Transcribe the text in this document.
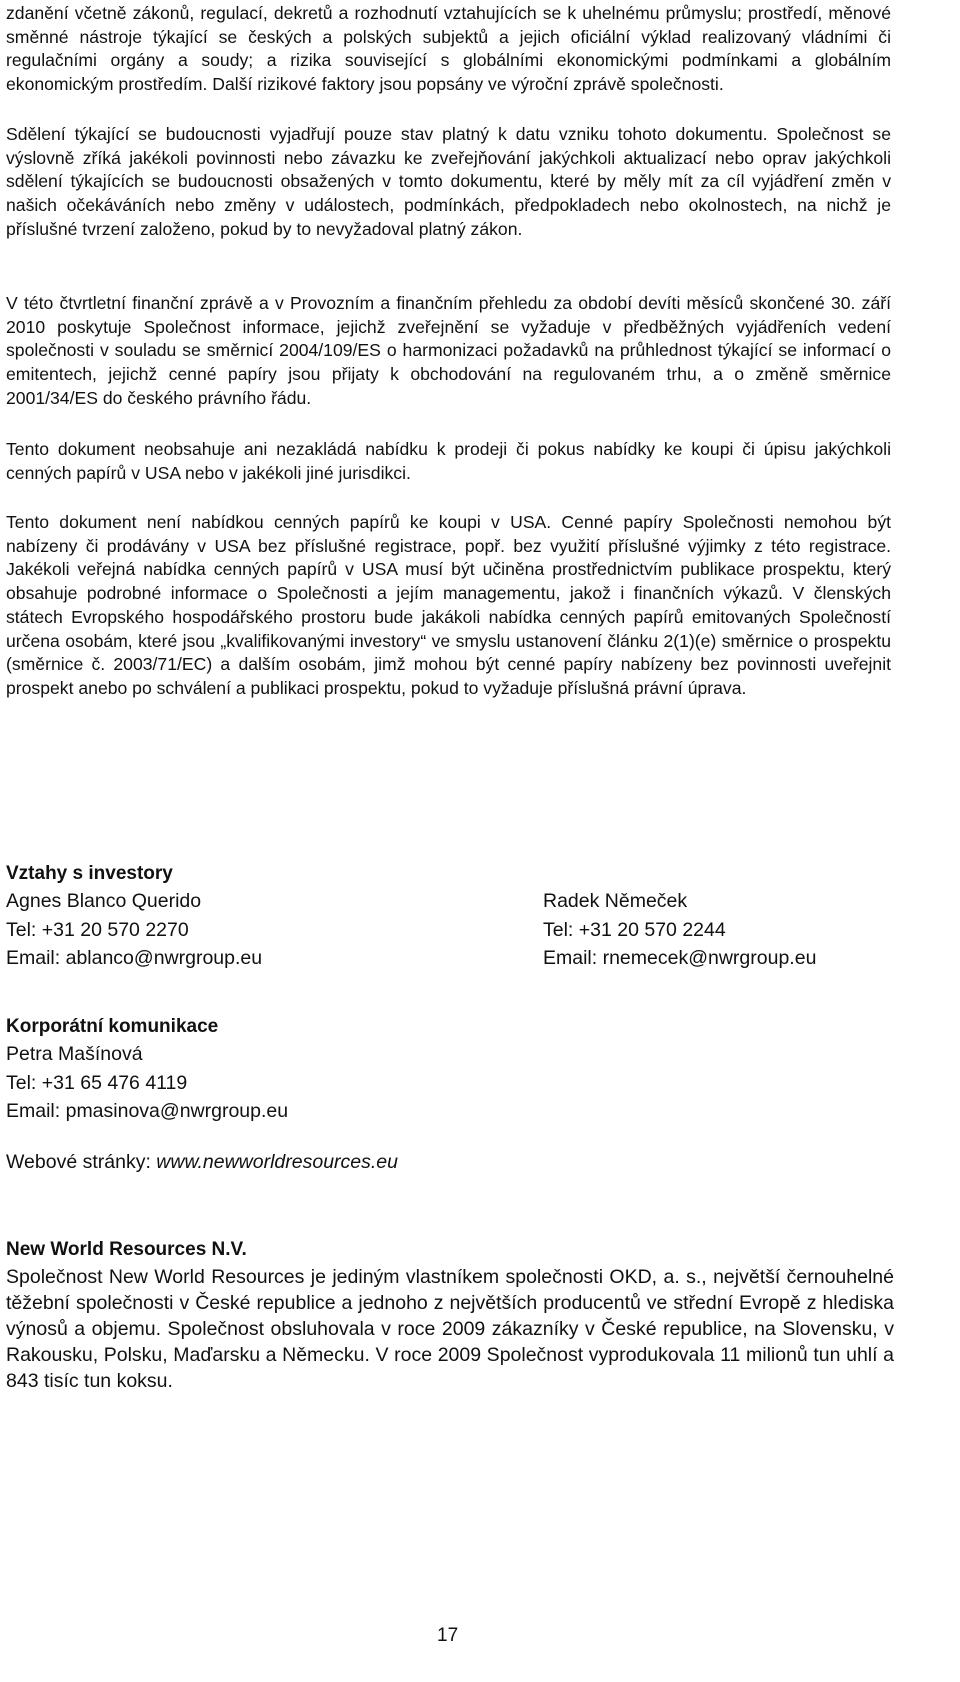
zdanění včetně zákonů, regulací, dekretů a rozhodnutí vztahujících se k uhelnému průmyslu; prostředí, měnové směnné nástroje týkající se českých a polských subjektů a jejich oficiální výklad realizovaný vládními či regulačními orgány a soudy; a rizika související s globálními ekonomickými podmínkami a globálním ekonomickým prostředím. Další rizikové faktory jsou popsány ve výroční zprávě společnosti.

Sdělení týkající se budoucnosti vyjadřují pouze stav platný k datu vzniku tohoto dokumentu. Společnost se výslovně zříká jakékoli povinnosti nebo závazku ke zveřejňování jakýchkoli aktualizací nebo oprav jakýchkoli sdělení týkajících se budoucnosti obsažených v tomto dokumentu, které by měly mít za cíl vyjádření změn v našich očekáváních nebo změny v událostech, podmínkách, předpokladech nebo okolnostech, na nichž je příslušné tvrzení založeno, pokud by to nevyžadoval platný zákon.

V této čtvrtletní finanční zprávě a v Provozním a finančním přehledu za období devíti měsíců skončené 30. září 2010 poskytuje Společnost informace, jejichž zveřejnění se vyžaduje v předběžných vyjádřeních vedení společnosti v souladu se směrnicí 2004/109/ES o harmonizaci požadavků na průhlednost týkající se informací o emitentech, jejichž cenné papíry jsou přijaty k obchodování na regulovaném trhu, a o změně směrnice 2001/34/ES do českého právního řádu.

Tento dokument neobsahuje ani nezakládá nabídku k prodeji či pokus nabídky ke koupi či úpisu jakýchkoli cenných papírů v USA nebo v jakékoli jiné jurisdikci.

Tento dokument není nabídkou cenných papírů ke koupi v USA. Cenné papíry Společnosti nemohou být nabízeny či prodávány v USA bez příslušné registrace, popř. bez využití příslušné výjimky z této registrace. Jakékoli veřejná nabídka cenných papírů v USA musí být učiněna prostřednictvím publikace prospektu, který obsahuje podrobné informace o Společnosti a jejím managementu, jakož i finančních výkazů. V členských státech Evropského hospodářského prostoru bude jakákoli nabídka cenných papírů emitovaných Společností určena osobám, které jsou „kvalifikovanými investory“ ve smyslu ustanovení článku 2(1)(e) směrnice o prospektu (směrnice č. 2003/71/EC) a dalším osobám, jimž mohou být cenné papíry nabízeny bez povinnosti uveřejnit prospekt anebo po schválení a publikaci prospektu, pokud to vyžaduje příslušná právní úprava.

Vztahy s investory
Agnes Blanco Querido
Tel: +31 20 570 2270
Email: ablanco@nwrgroup.eu
Radek Němeček
Tel: +31 20 570 2244
Email: rnemecek@nwrgroup.eu
Korporátní komunikace
Petra Mašínová
Tel: +31 65 476 4119
Email: pmasinova@nwrgroup.eu
Webové stránky: www.newworldresources.eu
New World Resources N.V.

Společnost New World Resources je jediným vlastníkem společnosti OKD, a. s., největší černouhelné těžební společnosti v České republice a jednoho z největších producentů ve střední Evropě z hlediska výnosů a objemu. Společnost obsluhovala v roce 2009 zákazníky v České republice, na Slovensku, v Rakousku, Polsku, Maďarsku a Německu. V roce 2009 Společnost vyprodukovala 11 milionů tun uhlí a 843 tisíc tun koksu.

17
